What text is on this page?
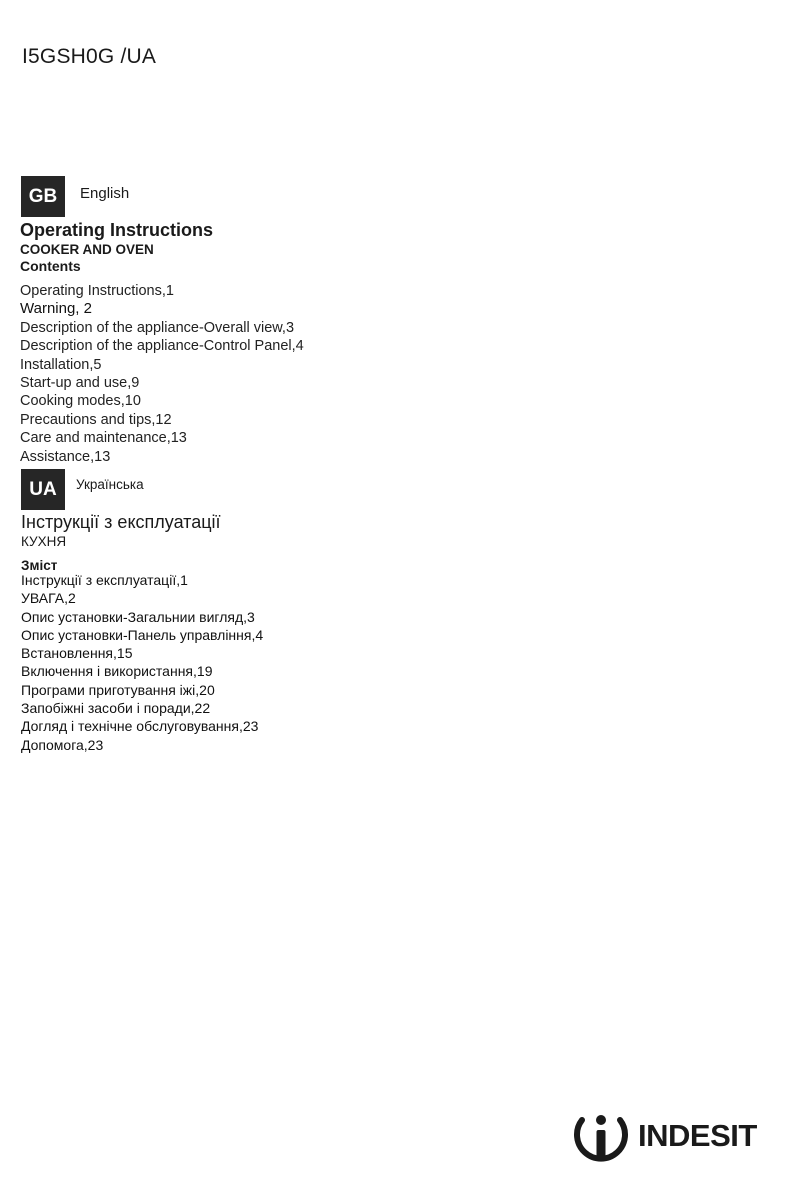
I5GSH0G /UA
GB	English
Operating Instructions
COOKER AND OVEN
Contents
Operating Instructions,1
Warning, 2
Description of the appliance-Overall view,3
Description of the appliance-Control Panel,4
Installation,5
Start-up and use,9
Cooking modes,10
Precautions and tips,12
Care and maintenance,13
Assistance,13
UA	Українська
Інструкції з експлуатації
КУХНЯ
Зміст
Інструкції з експлуатації,1
УВАГА,2
Опис установки-Загальнии вигляд,3
Опис установки-Панель управління,4
Встановлення,15
Включення і використання,19
Програми приготування іжі,20
Запобіжні засоби і поради,22
Догляд і технічне обслуговування,23
Допомога,23
INDESIT
